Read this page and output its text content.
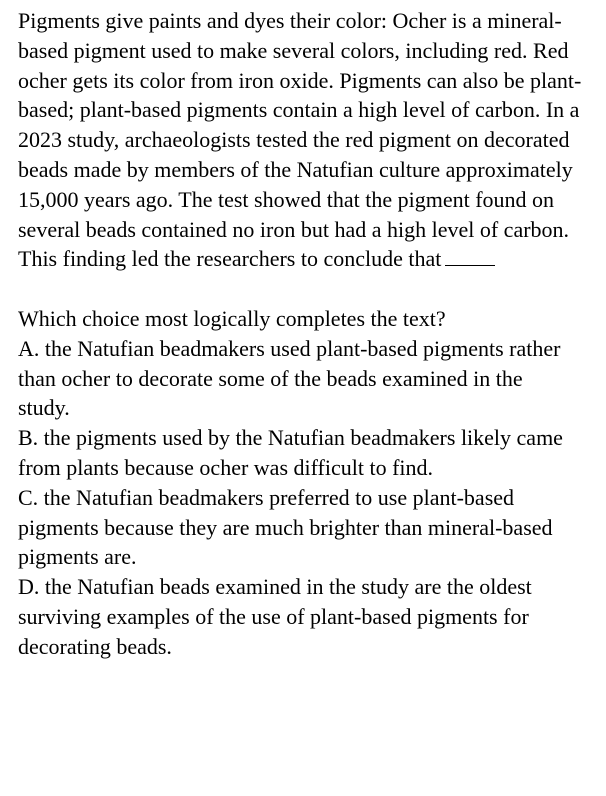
Pigments give paints and dyes their color: Ocher is a mineral-based pigment used to make several colors, including red. Red ocher gets its color from iron oxide. Pigments can also be plant-based; plant-based pigments contain a high level of carbon. In a 2023 study, archaeologists tested the red pigment on decorated beads made by members of the Natufian culture approximately 15,000 years ago. The test showed that the pigment found on several beads contained no iron but had a high level of carbon. This finding led the researchers to conclude that

Which choice most logically completes the text?

A. the Natufian beadmakers used plant-based pigments rather than ocher to decorate some of the beads examined in the study.

B. the pigments used by the Natufian beadmakers likely came from plants because ocher was difficult to find.

C. the Natufian beadmakers preferred to use plant-based pigments because they are much brighter than mineral-based pigments are.

D. the Natufian beads examined in the study are the oldest surviving examples of the use of plant-based pigments for decorating beads.
